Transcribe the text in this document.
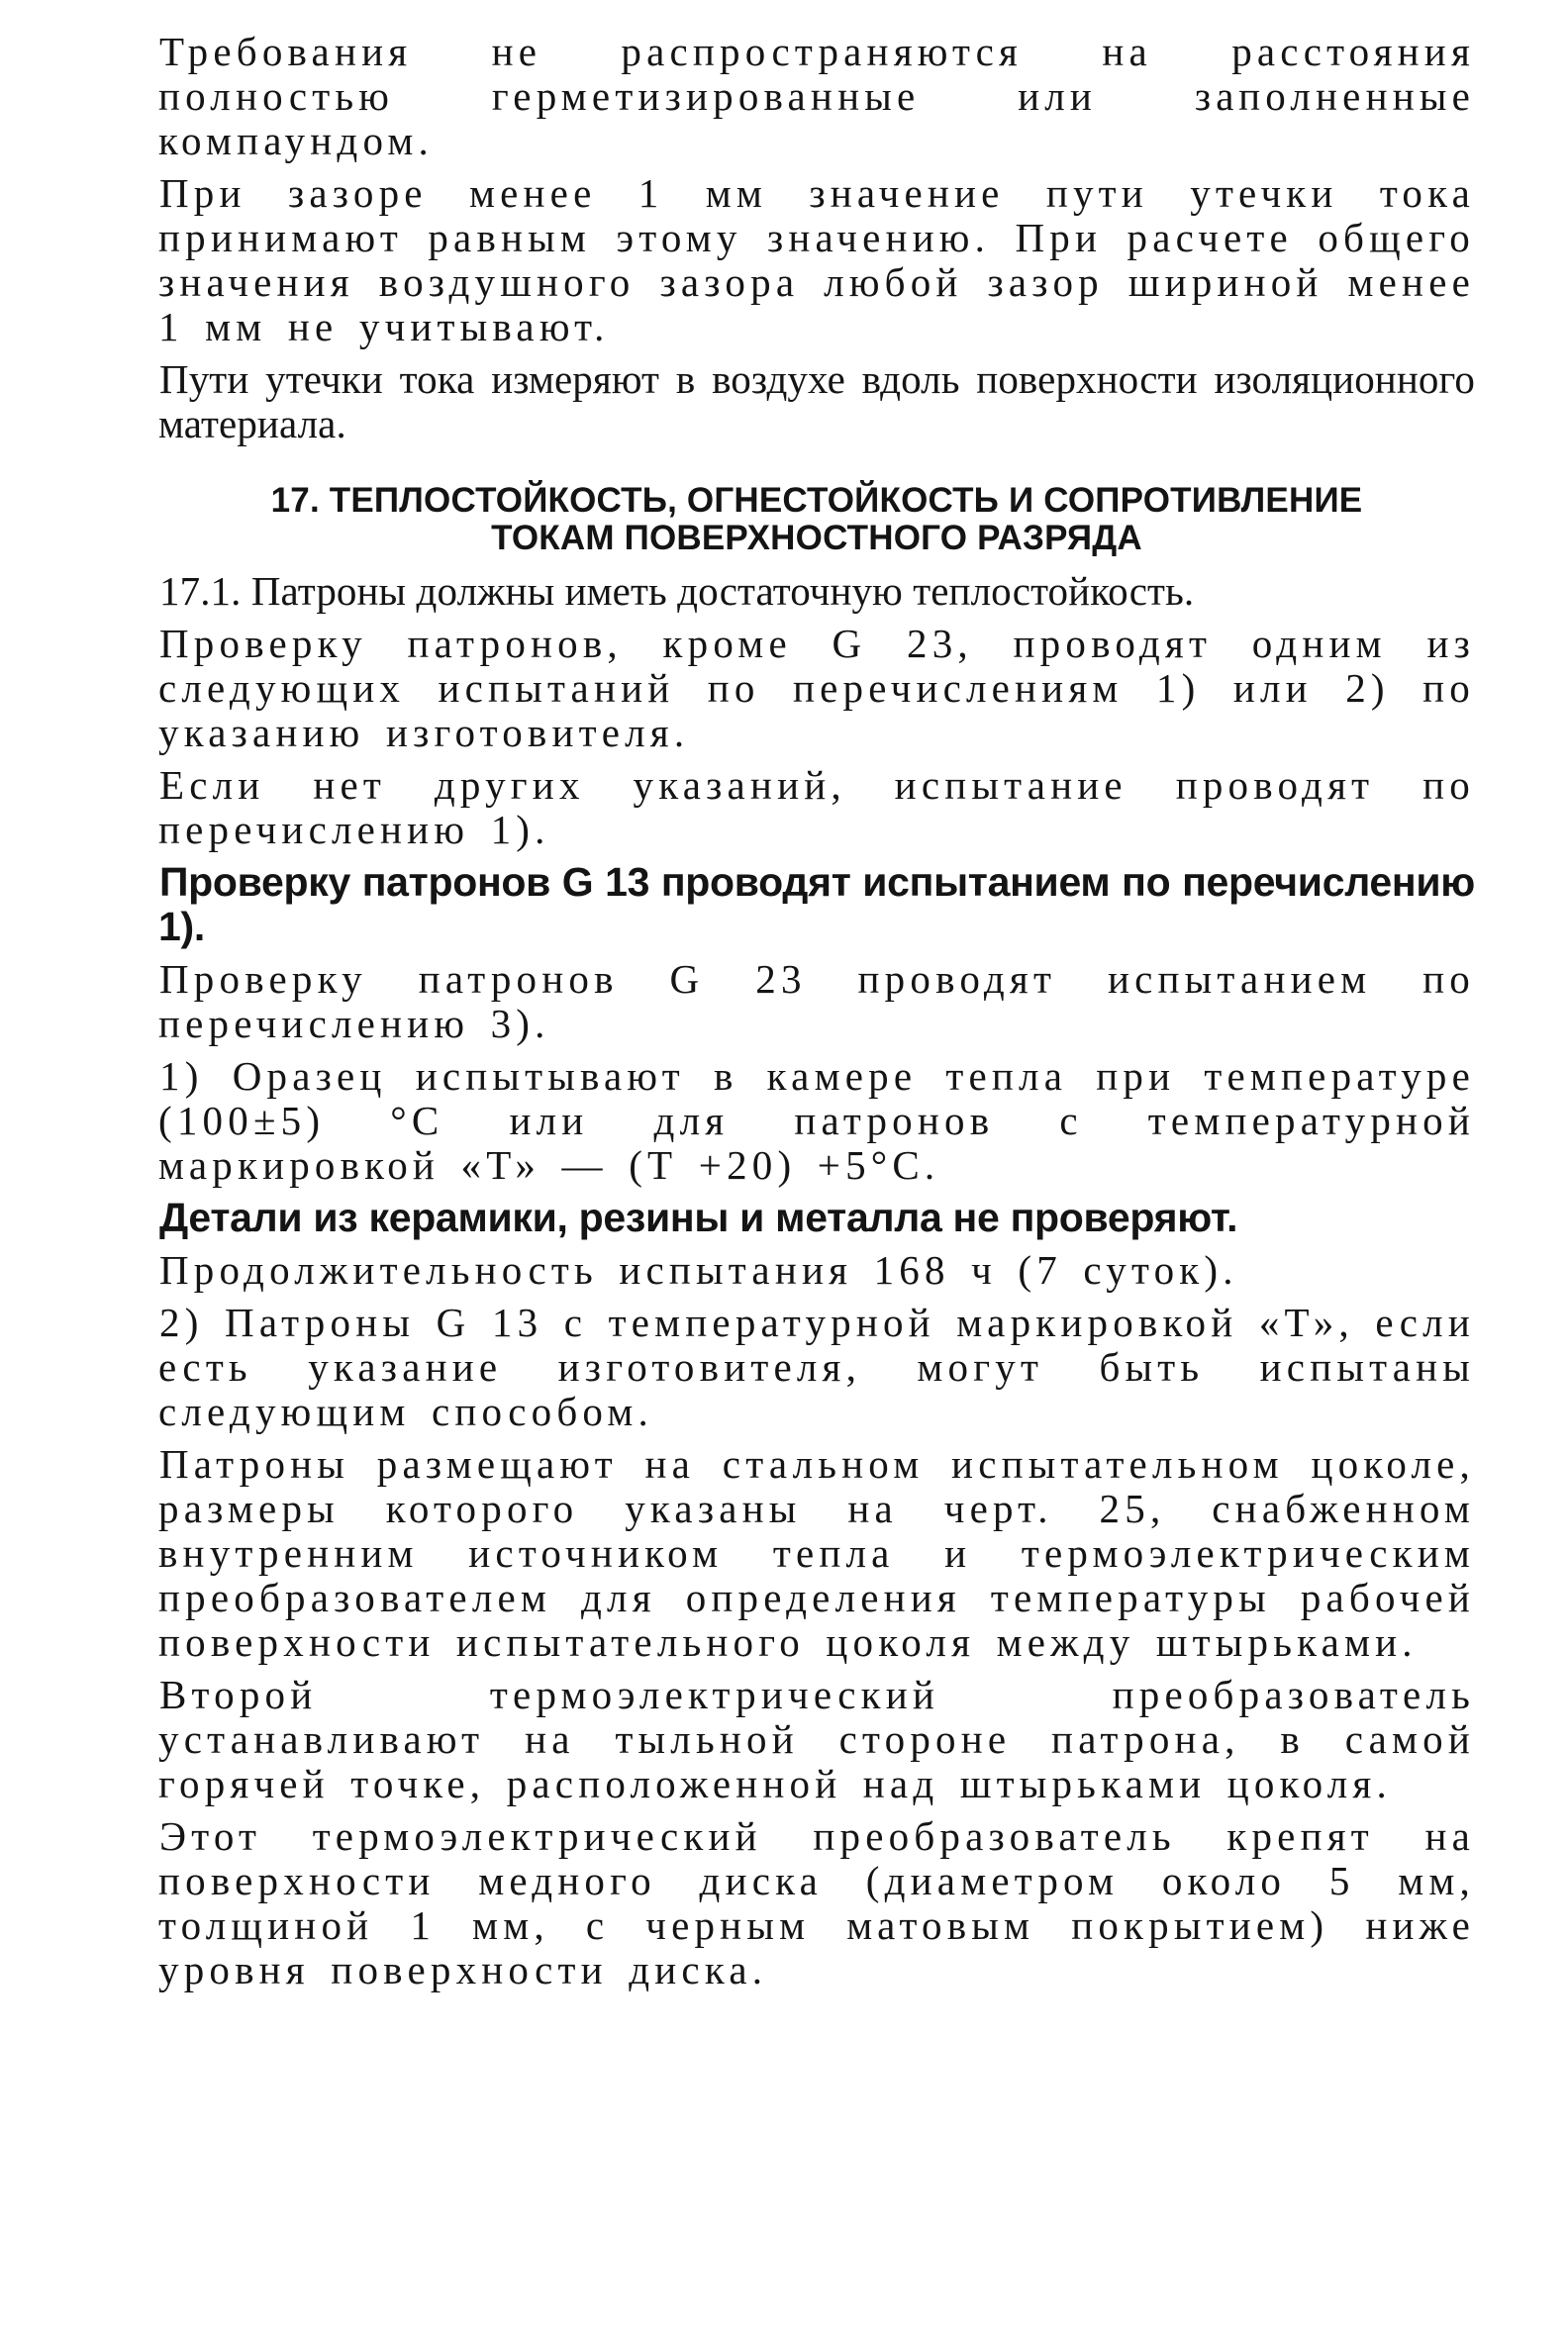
Требования не распространяются на расстояния полностью герметизированные или заполненные компаундом.

При зазоре менее 1 мм значение пути утечки тока принимают равным этому значению. При расчете общего значения воздушного зазора любой зазор шириной менее 1 мм не учитывают.

Пути утечки тока измеряют в воздухе вдоль поверхности изоляционного материала.

17. ТЕПЛОСТОЙКОСТЬ, ОГНЕСТОЙКОСТЬ И СОПРОТИВЛЕНИЕ
ТОКАМ ПОВЕРХНОСТНОГО РАЗРЯДА

17.1. Патроны должны иметь достаточную теплостойкость.

Проверку патронов, кроме G 23, проводят одним из следующих испытаний по перечислениям 1) или 2) по указанию изготовителя.

Если нет других указаний, испытание проводят по перечислению 1).

Проверку патронов G 13 проводят испытанием по перечислению 1).

Проверку патронов G 23 проводят испытанием по перечислению 3).

1) Оразец испытывают в камере тепла при температуре (100±5) °С или для патронов с температурной маркировкой «Т» — (Т +20) +5°С.

Детали из керамики, резины и металла не проверяют.

Продолжительность испытания 168 ч (7 суток).

2) Патроны G 13 с температурной маркировкой «Т», если есть указание изготовителя, могут быть испытаны следующим способом.

Патроны размещают на стальном испытательном цоколе, размеры которого указаны на черт. 25, снабженном внутренним источником тепла и термоэлектрическим преобразователем для определения температуры рабочей поверхности испытательного цоколя между штырьками.

Второй термоэлектрический преобразователь устанавливают на тыльной стороне патрона, в самой горячей точке, расположенной над штырьками цоколя.

Этот термоэлектрический преобразователь крепят на поверхности медного диска (диаметром около 5 мм, толщиной 1 мм, с черным матовым покрытием) ниже уровня поверхности диска.
